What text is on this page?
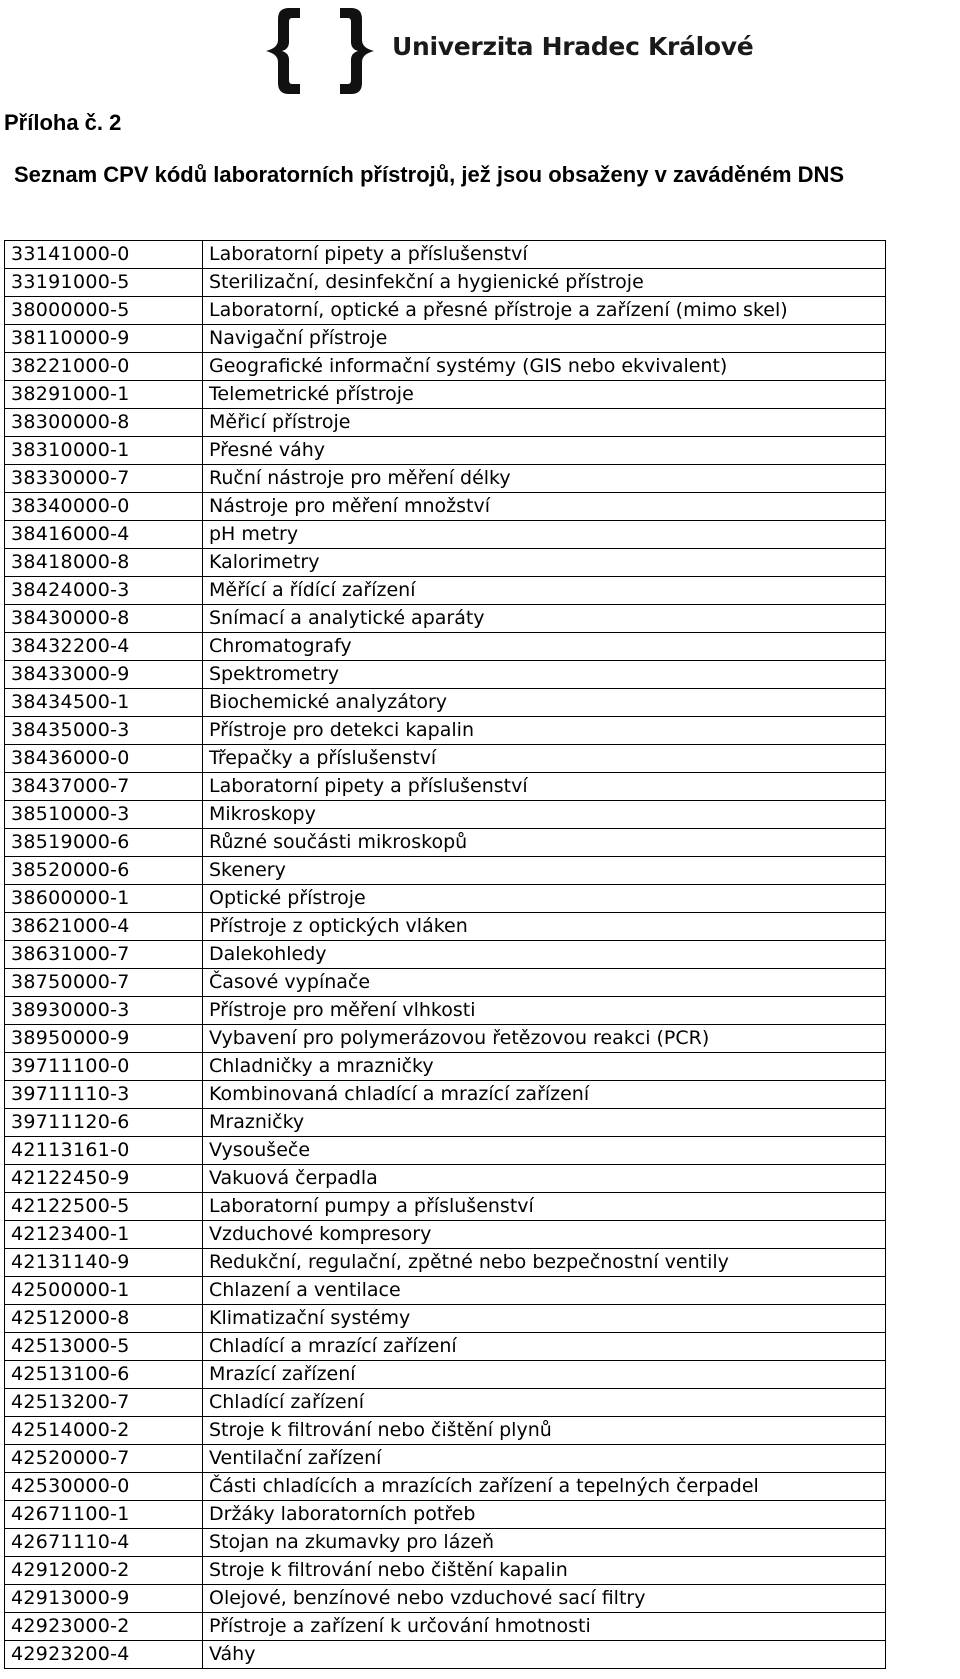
Univerzita Hradec Králové
Příloha č. 2
Seznam CPV kódů laboratorních přístrojů, jež jsou obsaženy v zaváděném DNS
33141000-0	Laboratorní pipety a příslušenství
33191000-5	Sterilizační, desinfekční a hygienické přístroje
38000000-5	Laboratorní, optické a přesné přístroje a zařízení (mimo skel)
38110000-9	Navigační přístroje
38221000-0	Geografické informační systémy (GIS nebo ekvivalent)
38291000-1	Telemetrické přístroje
38300000-8	Měřicí přístroje
38310000-1	Přesné váhy
38330000-7	Ruční nástroje pro měření délky
38340000-0	Nástroje pro měření množství
38416000-4	pH metry
38418000-8	Kalorimetry
38424000-3	Měřící a řídící zařízení
38430000-8	Snímací a analytické aparáty
38432200-4	Chromatografy
38433000-9	Spektrometry
38434500-1	Biochemické analyzátory
38435000-3	Přístroje pro detekci kapalin
38436000-0	Třepačky a příslušenství
38437000-7	Laboratorní pipety a příslušenství
38510000-3	Mikroskopy
38519000-6	Různé součásti mikroskopů
38520000-6	Skenery
38600000-1	Optické přístroje
38621000-4	Přístroje z optických vláken
38631000-7	Dalekohledy
38750000-7	Časové vypínače
38930000-3	Přístroje pro měření vlhkosti
38950000-9	Vybavení pro polymerázovou řetězovou reakci (PCR)
39711100-0	Chladničky a mrazničky
39711110-3	Kombinovaná chladící a mrazící zařízení
39711120-6	Mrazničky
42113161-0	Vysoušeče
42122450-9	Vakuová čerpadla
42122500-5	Laboratorní pumpy a příslušenství
42123400-1	Vzduchové kompresory
42131140-9	Redukční, regulační, zpětné nebo bezpečnostní ventily
42500000-1	Chlazení a ventilace
42512000-8	Klimatizační systémy
42513000-5	Chladící a mrazící zařízení
42513100-6	Mrazící zařízení
42513200-7	Chladící zařízení
42514000-2	Stroje k filtrování nebo čištění plynů
42520000-7	Ventilační zařízení
42530000-0	Části chladících a mrazících zařízení a tepelných čerpadel
42671100-1	Držáky laboratorních potřeb
42671110-4	Stojan na zkumavky pro lázeň
42912000-2	Stroje k filtrování nebo čištění kapalin
42913000-9	Olejové, benzínové nebo vzduchové sací filtry
42923000-2	Přístroje a zařízení k určování hmotnosti
42923200-4	Váhy
